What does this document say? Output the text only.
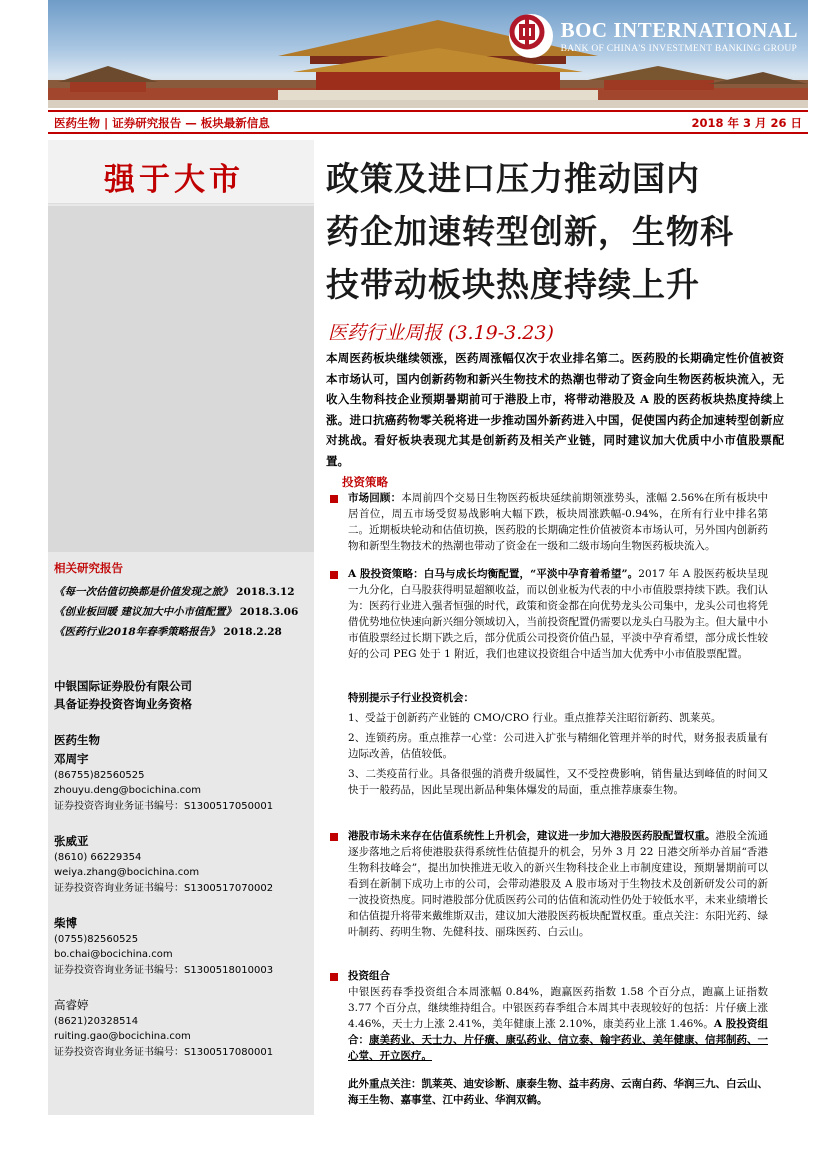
BOC INTERNATIONAL
BANK OF CHINA'S INVESTMENT BANKING GROUP
医药生物 | 证券研究报告 — 板块最新信息	2018 年 3 月 26 日
强于大市
相关研究报告
《每一次估值切换都是价值发现之旅》 2018.3.12
《创业板回暖 建议加大中小市值配置》 2018.3.06
《医药行业2018年春季策略报告》 2018.2.28
中银国际证券股份有限公司
具备证券投资咨询业务资格
医药生物
邓周宇
(86755)82560525
zhouyu.deng@bocichina.com
证券投资咨询业务证书编号：S1300517050001
张威亚
(8610) 66229354
weiya.zhang@bocichina.com
证券投资咨询业务证书编号：S1300517070002
柴博
(0755)82560525
bo.chai@bocichina.com
证券投资咨询业务证书编号：S1300518010003
高睿婷
(8621)20328514
ruiting.gao@bocichina.com
证券投资咨询业务证书编号：S1300517080001
政策及进口压力推动国内
药企加速转型创新，生物科
技带动板块热度持续上升
医药行业周报 (3.19-3.23)
本周医药板块继续领涨，医药周涨幅仅次于农业排名第二。医药股的长期确定性价值被资本市场认可，国内创新药物和新兴生物技术的热潮也带动了资金向生物医药板块流入，无收入生物科技企业预期暑期前可于港股上市，将带动港股及 A 股的医药板块热度持续上涨。进口抗癌药物零关税将进一步推动国外新药进入中国，促使国内药企加速转型创新应对挑战。看好板块表现尤其是创新药及相关产业链，同时建议加大优质中小市值股票配置。
投资策略
市场回顾：本周前四个交易日生物医药板块延续前期领涨势头，涨幅 2.56%在所有板块中居首位，周五市场受贸易战影响大幅下跌，板块周涨跌幅-0.94%，在所有行业中排名第二。近期板块轮动和估值切换，医药股的长期确定性价值被资本市场认可，另外国内创新药物和新型生物技术的热潮也带动了资金在一级和二级市场向生物医药板块流入。
A 股投资策略：白马与成长均衡配置，“平淡中孕育着希望”。2017 年 A 股医药板块呈现一九分化，白马股获得明显超额收益，而以创业板为代表的中小市值股票持续下跌。我们认为：医药行业进入强者恒强的时代，政策和资金都在向优势龙头公司集中，龙头公司也将凭借优势地位快速向新兴细分领域切入，当前投资配置仍需要以龙头白马股为主。但大量中小市值股票经过长期下跌之后，部分优质公司投资价值凸显，平淡中孕育希望，部分成长性较好的公司 PEG 处于 1 附近，我们也建议投资组合中适当加大优秀中小市值股票配置。
特别提示子行业投资机会：
1、受益于创新药产业链的 CMO/CRO 行业。重点推荐关注昭衍新药、凯莱英。
2、连锁药房。重点推荐一心堂：公司进入扩张与精细化管理并举的时代，财务报表质量有边际改善，估值较低。
3、二类疫苗行业。具备很强的消费升级属性，又不受控费影响，销售量达到峰值的时间又快于一般药品，因此呈现出新品种集体爆发的局面，重点推荐康泰生物。
港股市场未来存在估值系统性上升机会，建议进一步加大港股医药股配置权重。港股全流通逐步落地之后将使港股获得系统性估值提升的机会，另外 3 月 22 日港交所举办首届“香港生物科技峰会”，提出加快推进无收入的新兴生物科技企业上市制度建设，预期暑期前可以看到在新制下成功上市的公司，会带动港股及 A 股市场对于生物技术及创新研发公司的新一波投资热度。同时港股部分优质医药公司的估值和流动性仍处于较低水平，未来业绩增长和估值提升将带来戴维斯双击，建议加大港股医药板块配置权重。重点关注：东阳光药、绿叶制药、药明生物、先健科技、丽珠医药、白云山。
投资组合
中银医药春季投资组合本周涨幅 0.84%，跑赢医药指数 1.58 个百分点，跑赢上证指数 3.77 个百分点，继续维持组合。中银医药春季组合本周其中表现较好的包括：片仔癀上涨 4.46%，天士力上涨 2.41%，美年健康上涨 2.10%，康美药业上涨 1.46%。A 股投资组合：康美药业、天士力、片仔癀、康弘药业、信立泰、翰宇药业、美年健康、信邦制药、一心堂、开立医疗。
此外重点关注：凯莱英、迪安诊断、康泰生物、益丰药房、云南白药、华润三九、白云山、海王生物、嘉事堂、江中药业、华润双鹤。
